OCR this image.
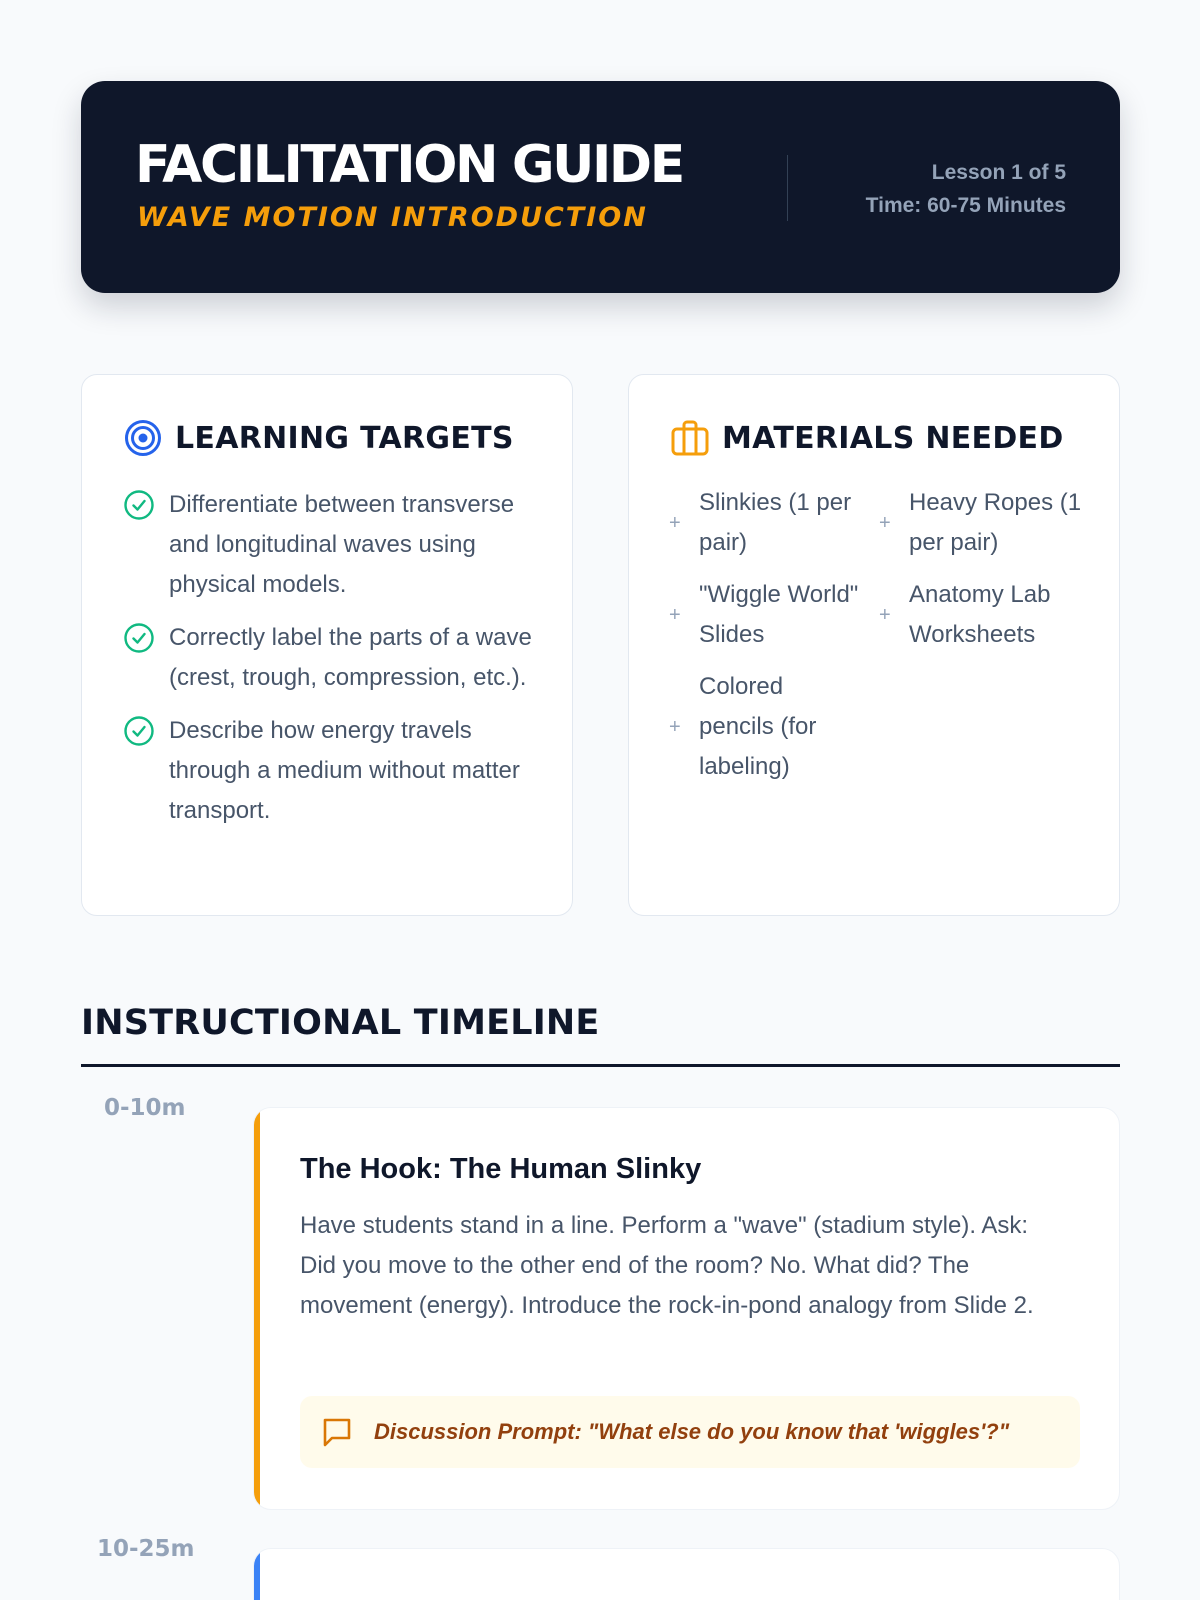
FACILITATION GUIDE
WAVE MOTION INTRODUCTION
Lesson 1 of 5
Time: 60-75 Minutes
LEARNING TARGETS
Differentiate between transverse and longitudinal waves using physical models.
Correctly label the parts of a wave (crest, trough, compression, etc.).
Describe how energy travels through a medium without matter transport.
MATERIALS NEEDED
+
Slinkies (1 per pair)
+
Heavy Ropes (1 per pair)
+
"Wiggle World" Slides
+
Anatomy Lab Worksheets
+
Colored pencils (for labeling)
INSTRUCTIONAL TIMELINE
0-10m
The Hook: The Human Slinky
Have students stand in a line. Perform a "wave" (stadium style). Ask: Did you move to the other end of the room? No. What did? The movement (energy). Introduce the rock-in-pond analogy from Slide 2.
Discussion Prompt: "What else do you know that 'wiggles'?"
10-25m
